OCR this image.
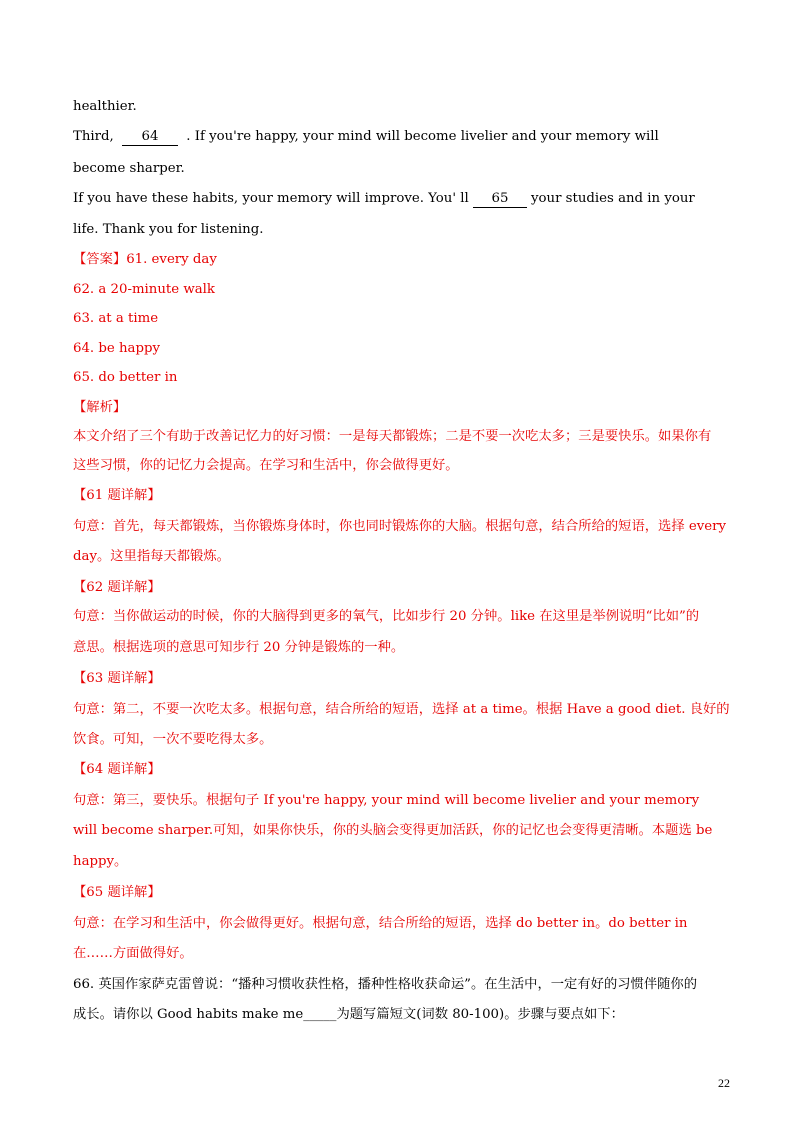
healthier.
Third, 64 . If you're happy, your mind will become livelier and your memory will
become sharper.
If you have these habits, your memory will improve. You' ll 65 your studies and in your
life. Thank you for listening.
【答案】61. every day
62. a 20-minute walk
63. at a time
64. be happy
65. do better in
【解析】
本文介绍了三个有助于改善记忆力的好习惯：一是每天都锻炼；二是不要一次吃太多；三是要快乐。如果你有
这些习惯，你的记忆力会提高。在学习和生活中，你会做得更好。
【61 题详解】
句意：首先，每天都锻炼，当你锻炼身体时，你也同时锻炼你的大脑。根据句意，结合所给的短语，选择 every
day。这里指每天都锻炼。
【62 题详解】
句意：当你做运动的时候，你的大脑得到更多的氧气，比如步行 20 分钟。like 在这里是举例说明“比如”的
意思。根据选项的意思可知步行 20 分钟是锻炼的一种。
【63 题详解】
句意：第二，不要一次吃太多。根据句意，结合所给的短语，选择 at a time。根据 Have a good diet. 良好的
饮食。可知，一次不要吃得太多。
【64 题详解】
句意：第三，要快乐。根据句子 If you're happy, your mind will become livelier and your memory
will become sharper.可知，如果你快乐，你的头脑会变得更加活跃，你的记忆也会变得更清晰。本题选 be
happy。
【65 题详解】
句意：在学习和生活中，你会做得更好。根据句意，结合所给的短语，选择 do better in。do better in
在……方面做得好。
66. 英国作家萨克雷曾说：“播种习惯收获性格，播种性格收获命运”。在生活中，一定有好的习惯伴随你的
成长。请你以 Good habits make me_____为题写篇短文(词数 80-100)。步骤与要点如下：
22
